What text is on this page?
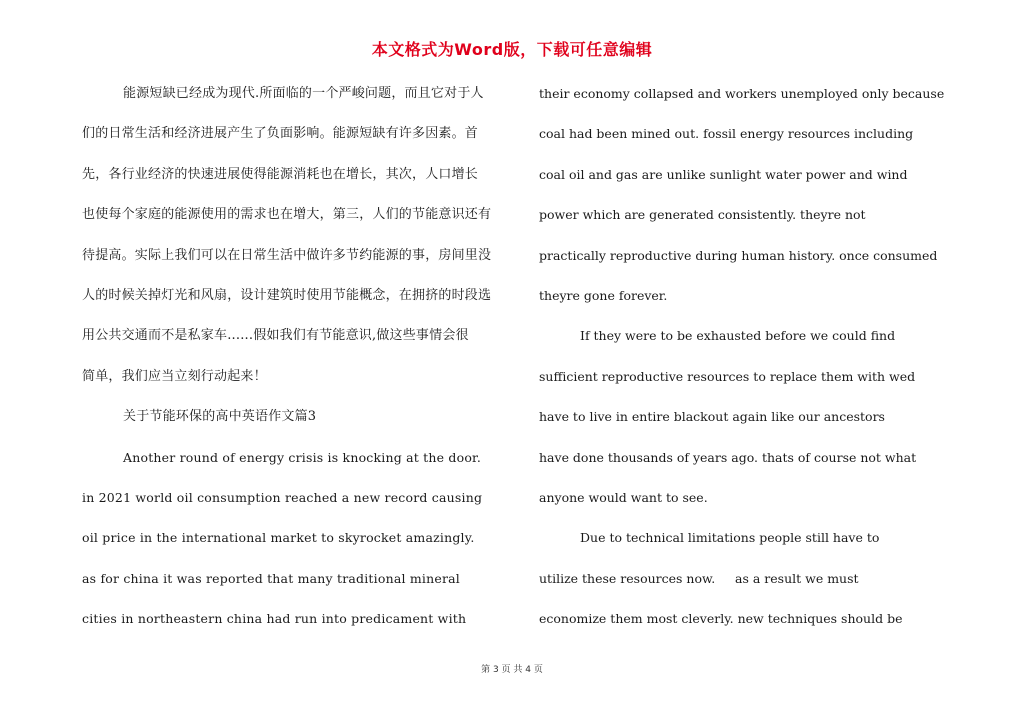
本文格式为Word版，下载可任意编辑
能源短缺已经成为现代.所面临的一个严峻问题，而且它对于人
们的日常生活和经济进展产生了负面影响。能源短缺有许多因素。首
先，各行业经济的快速进展使得能源消耗也在增长，其次，人口增长
也使每个家庭的能源使用的需求也在增大，第三，人们的节能意识还有
待提高。实际上我们可以在日常生活中做许多节约能源的事，房间里没
人的时候关掉灯光和风扇，设计建筑时使用节能概念，在拥挤的时段选
用公共交通而不是私家车......假如我们有节能意识,做这些事情会很
简单，我们应当立刻行动起来！
关于节能环保的高中英语作文篇3
Another round of energy crisis is knocking at the door.
in 2021 world oil consumption reached a new record causing
oil price in the international market to skyrocket amazingly.
as for china it was reported that many traditional mineral
cities in northeastern china had run into predicament with
their economy collapsed and workers unemployed only because
coal had been mined out. fossil energy resources including
coal oil and gas are unlike sunlight water power and wind
power which are generated consistently. theyre not
practically reproductive during human history. once consumed
theyre gone forever.
If they were to be exhausted before we could find
sufficient reproductive resources to replace them with wed
have to live in entire blackout again like our ancestors
have done thousands of years ago. thats of course not what
anyone would want to see.
Due to technical limitations people still have to
utilize these resources now.     as a result we must
economize them most cleverly. new techniques should be
第 3 页 共 4 页
